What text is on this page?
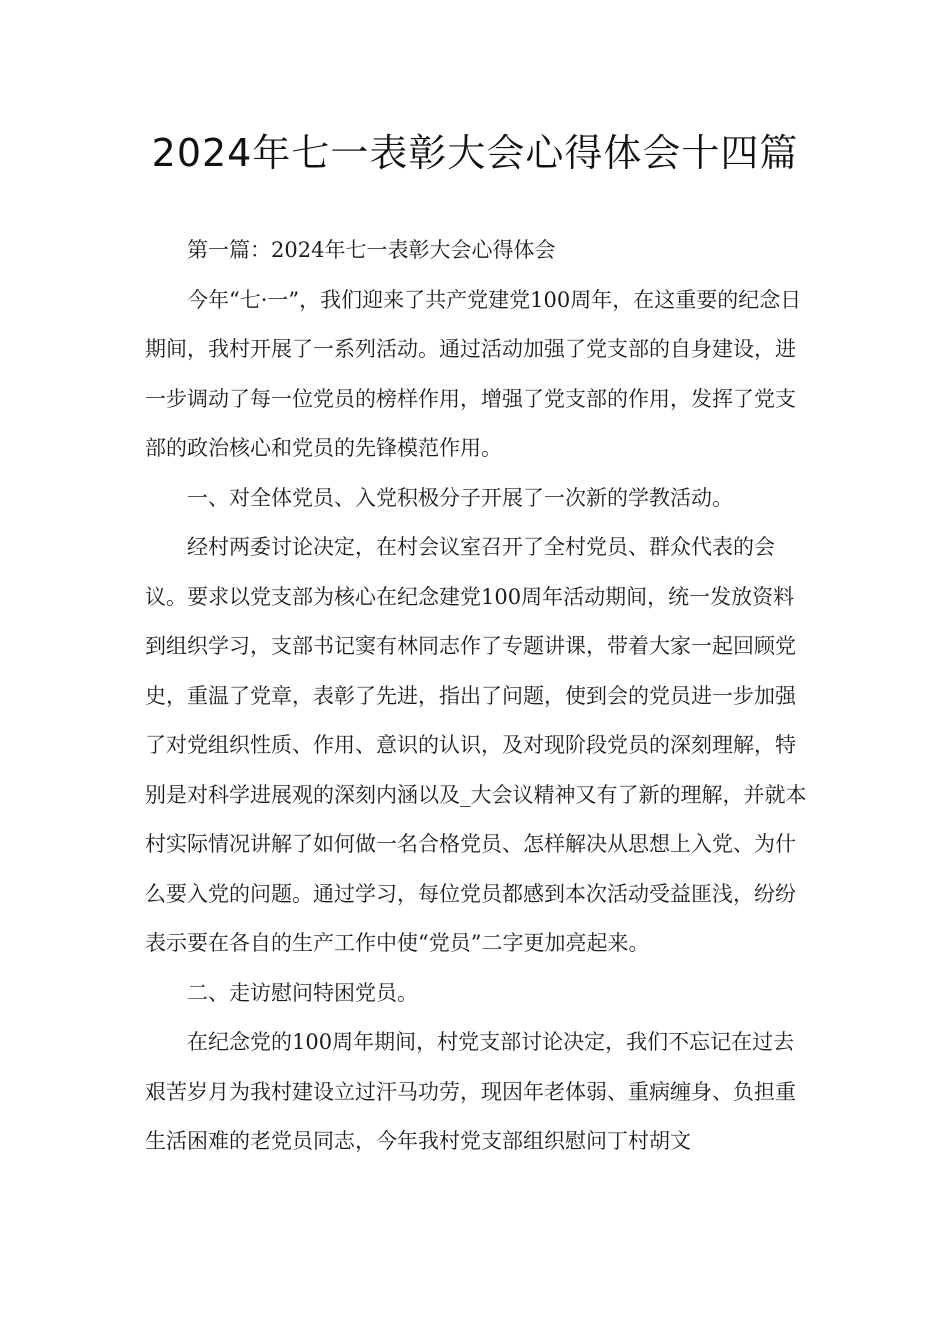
2024年七一表彰大会心得体会十四篇

第一篇：2024年七一表彰大会心得体会

今年“七·一”，我们迎来了共产党建党100周年，在这重要的纪念日期间，我村开展了一系列活动。通过活动加强了党支部的自身建设，进一步调动了每一位党员的榜样作用，增强了党支部的作用，发挥了党支部的政治核心和党员的先锋模范作用。

一、对全体党员、入党积极分子开展了一次新的学教活动。

经村两委讨论决定，在村会议室召开了全村党员、群众代表的会议。要求以党支部为核心在纪念建党100周年活动期间，统一发放资料到组织学习，支部书记窦有林同志作了专题讲课，带着大家一起回顾党史，重温了党章，表彰了先进，指出了问题，使到会的党员进一步加强了对党组织性质、作用、意识的认识，及对现阶段党员的深刻理解，特别是对科学进展观的深刻内涵以及_大会议精神又有了新的理解，并就本村实际情况讲解了如何做一名合格党员、怎样解决从思想上入党、为什么要入党的问题。通过学习，每位党员都感到本次活动受益匪浅，纷纷表示要在各自的生产工作中使“党员”二字更加亮起来。

二、走访慰问特困党员。

在纪念党的100周年期间，村党支部讨论决定，我们不忘记在过去艰苦岁月为我村建设立过汗马功劳，现因年老体弱、重病缠身、负担重生活困难的老党员同志，今年我村党支部组织慰问丁村胡文
